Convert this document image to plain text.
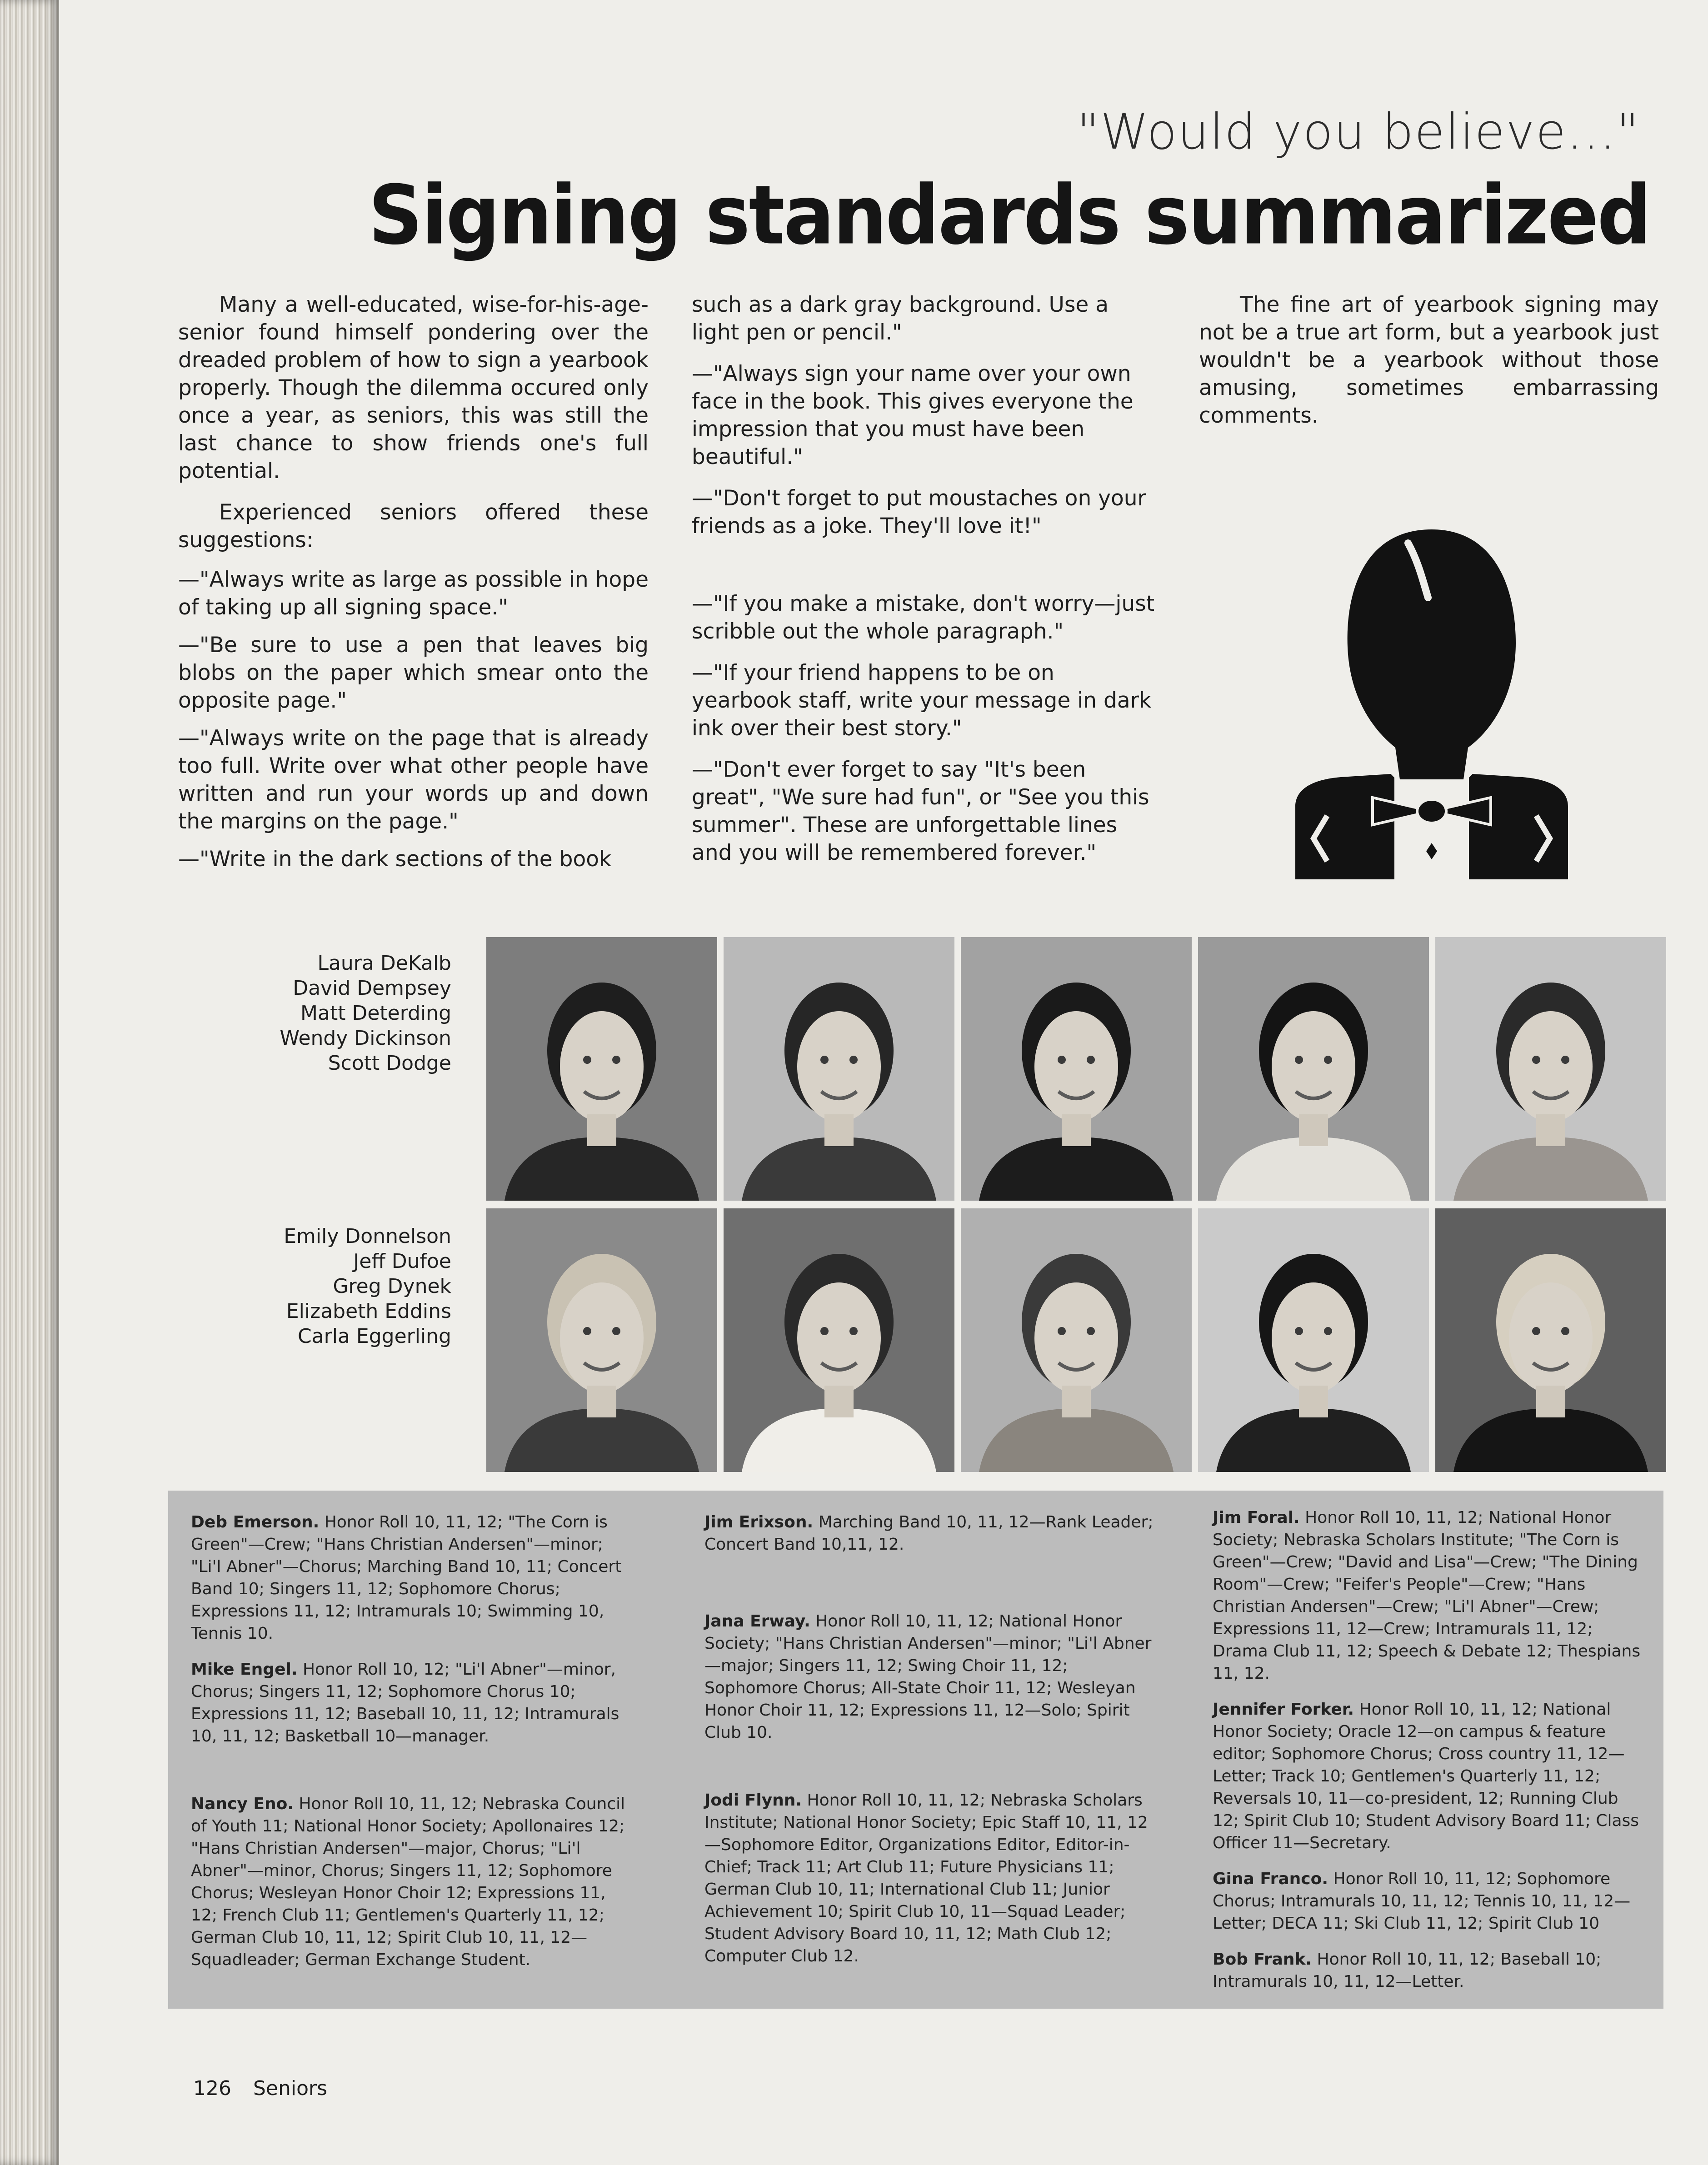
"Would you believe..."
Signing standards summarized

Many a well-educated, wise-for-his-age-senior found himself pondering over the dreaded problem of how to sign a yearbook properly. Though the dilemma occured only once a year, as seniors, this was still the last chance to show friends one's full potential.

Experienced seniors offered these suggestions:

—"Always write as large as possible in hope of taking up all signing space."

—"Be sure to use a pen that leaves big blobs on the paper which smear onto the opposite page."

—"Always write on the page that is already too full. Write over what other people have written and run your words up and down the margins on the page."

—"Write in the dark sections of the book

such as a dark gray background. Use a light pen or pencil."

—"Always sign your name over your own face in the book. This gives everyone the impression that you must have been beautiful."

—"Don't forget to put moustaches on your friends as a joke. They'll love it!"

—"If you make a mistake, don't worry—just scribble out the whole paragraph."

—"If your friend happens to be on yearbook staff, write your message in dark ink over their best story."

—"Don't ever forget to say "It's been great", "We sure had fun", or "See you this summer". These are unforgettable lines and you will be remembered forever."

The fine art of yearbook signing may not be a true art form, but a yearbook just wouldn't be a yearbook without those amusing, sometimes embarrassing comments.

Laura DeKalb
David Dempsey
Matt Deterding
Wendy Dickinson
Scott Dodge
Emily Donnelson
Jeff Dufoe
Greg Dynek
Elizabeth Eddins
Carla Eggerling

Deb Emerson. Honor Roll 10, 11, 12; "The Corn is Green"—Crew; "Hans Christian Andersen"—minor; "Li'l Abner"—Chorus; Marching Band 10, 11; Concert Band 10; Singers 11, 12; Sophomore Chorus; Expressions 11, 12; Intramurals 10; Swimming 10, Tennis 10.

Mike Engel. Honor Roll 10, 12; "Li'l Abner"—minor, Chorus; Singers 11, 12; Sophomore Chorus 10; Expressions 11, 12; Baseball 10, 11, 12; Intramurals 10, 11, 12; Basketball 10—manager.

Nancy Eno. Honor Roll 10, 11, 12; Nebraska Council of Youth 11; National Honor Society; Apollonaires 12; "Hans Christian Andersen"—major, Chorus; "Li'l Abner"—minor, Chorus; Singers 11, 12; Sophomore Chorus; Wesleyan Honor Choir 12; Expressions 11, 12; French Club 11; Gentlemen's Quarterly 11, 12; German Club 10, 11, 12; Spirit Club 10, 11, 12—Squadleader; German Exchange Student.

Jim Erixson. Marching Band 10, 11, 12—Rank Leader; Concert Band 10,11, 12.

Jana Erway. Honor Roll 10, 11, 12; National Honor Society; "Hans Christian Andersen"—minor; "Li'l Abner—major; Singers 11, 12; Swing Choir 11, 12; Sophomore Chorus; All-State Choir 11, 12; Wesleyan Honor Choir 11, 12; Expressions 11, 12—Solo; Spirit Club 10.

Jodi Flynn. Honor Roll 10, 11, 12; Nebraska Scholars Institute; National Honor Society; Epic Staff 10, 11, 12—Sophomore Editor, Organizations Editor, Editor-in-Chief; Track 11; Art Club 11; Future Physicians 11; German Club 10, 11; International Club 11; Junior Achievement 10; Spirit Club 10, 11—Squad Leader; Student Advisory Board 10, 11, 12; Math Club 12; Computer Club 12.

Jim Foral. Honor Roll 10, 11, 12; National Honor Society; Nebraska Scholars Institute; "The Corn is Green"—Crew; "David and Lisa"—Crew; "The Dining Room"—Crew; "Feifer's People"—Crew; "Hans Christian Andersen"—Crew; "Li'l Abner"—Crew; Expressions 11, 12—Crew; Intramurals 11, 12; Drama Club 11, 12; Speech & Debate 12; Thespians 11, 12.

Jennifer Forker. Honor Roll 10, 11, 12; National Honor Society; Oracle 12—on campus & feature editor; Sophomore Chorus; Cross country 11, 12—Letter; Track 10; Gentlemen's Quarterly 11, 12; Reversals 10, 11—co-president, 12; Running Club 12; Spirit Club 10; Student Advisory Board 11; Class Officer 11—Secretary.

Gina Franco. Honor Roll 10, 11, 12; Sophomore Chorus; Intramurals 10, 11, 12; Tennis 10, 11, 12—Letter; DECA 11; Ski Club 11, 12; Spirit Club 10

Bob Frank. Honor Roll 10, 11, 12; Baseball 10; Intramurals 10, 11, 12—Letter.

126 Seniors
